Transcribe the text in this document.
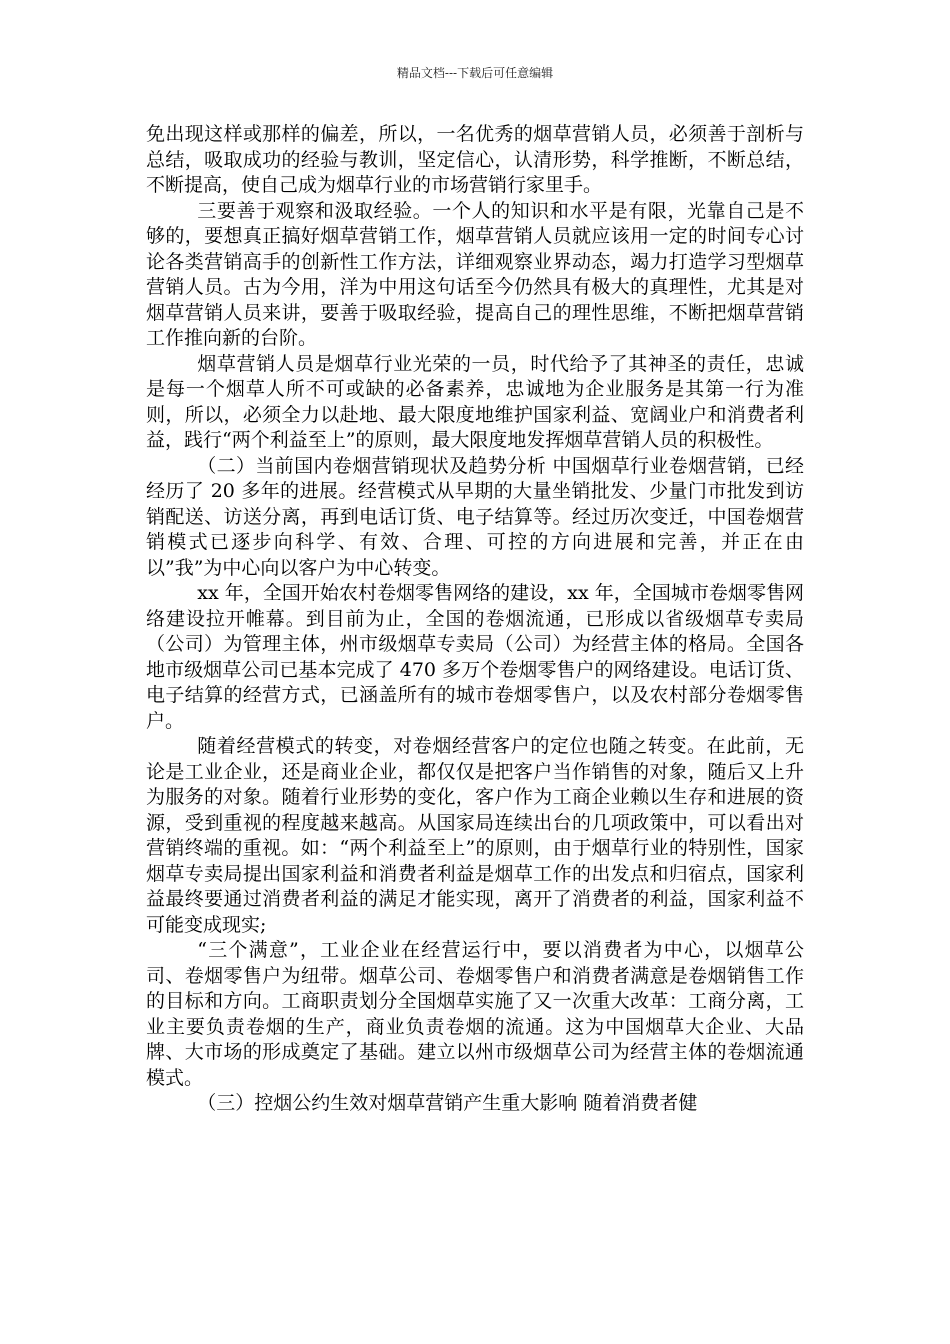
精品文档---下载后可任意编辑

免出现这样或那样的偏差，所以，一名优秀的烟草营销人员，必须善于剖析与总结，吸取成功的经验与教训，坚定信心，认清形势，科学推断，不断总结，不断提高，使自己成为烟草行业的市场营销行家里手。

三要善于观察和汲取经验。一个人的知识和水平是有限，光靠自己是不够的，要想真正搞好烟草营销工作，烟草营销人员就应该用一定的时间专心讨论各类营销高手的创新性工作方法，详细观察业界动态，竭力打造学习型烟草营销人员。古为今用，洋为中用这句话至今仍然具有极大的真理性，尤其是对烟草营销人员来讲，要善于吸取经验，提高自己的理性思维，不断把烟草营销工作推向新的台阶。

烟草营销人员是烟草行业光荣的一员，时代给予了其神圣的责任，忠诚是每一个烟草人所不可或缺的必备素养，忠诚地为企业服务是其第一行为准则，所以，必须全力以赴地、最大限度地维护国家利益、宽阔业户和消费者利益，践行“两个利益至上”的原则，最大限度地发挥烟草营销人员的积极性。

（二）当前国内卷烟营销现状及趋势分析 中国烟草行业卷烟营销，已经经历了 20 多年的进展。经营模式从早期的大量坐销批发、少量门市批发到访销配送、访送分离，再到电话订货、电子结算等。经过历次变迁，中国卷烟营销模式已逐步向科学、有效、合理、可控的方向进展和完善，并正在由以”我”为中心向以客户为中心转变。

xx 年，全国开始农村卷烟零售网络的建设，xx 年，全国城市卷烟零售网络建设拉开帷幕。到目前为止，全国的卷烟流通，已形成以省级烟草专卖局（公司）为管理主体，州市级烟草专卖局（公司）为经营主体的格局。全国各地市级烟草公司已基本完成了 470 多万个卷烟零售户的网络建设。电话订货、电子结算的经营方式，已涵盖所有的城市卷烟零售户，以及农村部分卷烟零售户。

随着经营模式的转变，对卷烟经营客户的定位也随之转变。在此前，无论是工业企业，还是商业企业，都仅仅是把客户当作销售的对象，随后又上升为服务的对象。随着行业形势的变化，客户作为工商企业赖以生存和进展的资源，受到重视的程度越来越高。从国家局连续出台的几项政策中，可以看出对营销终端的重视。如：“两个利益至上”的原则，由于烟草行业的特别性，国家烟草专卖局提出国家利益和消费者利益是烟草工作的出发点和归宿点，国家利益最终要通过消费者利益的满足才能实现，离开了消费者的利益，国家利益不可能变成现实;

“三个满意”，工业企业在经营运行中，要以消费者为中心，以烟草公司、卷烟零售户为纽带。烟草公司、卷烟零售户和消费者满意是卷烟销售工作的目标和方向。工商职责划分全国烟草实施了又一次重大改革：工商分离，工业主要负责卷烟的生产，商业负责卷烟的流通。这为中国烟草大企业、大品牌、大市场的形成奠定了基础。建立以州市级烟草公司为经营主体的卷烟流通模式。

（三）控烟公约生效对烟草营销产生重大影响 随着消费者健
